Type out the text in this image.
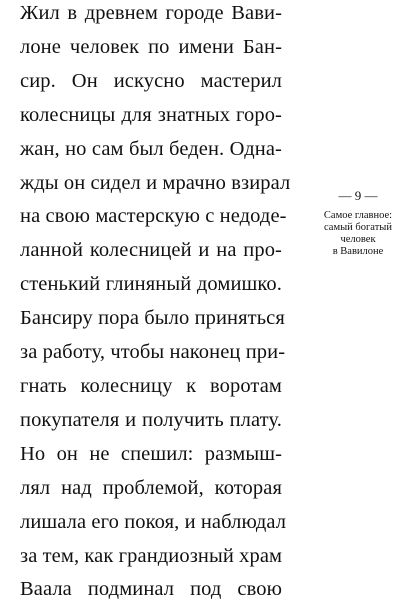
Жил в древнем городе Вави-
лоне человек по имени Бан-
сир. Он искусно мастерил
колесницы для знатных горо-
жан, но сам был беден. Одна-
жды он сидел и мрачно взирал
на свою мастерскую с недоде-
ланной колесницей и на про-
стенький глиняный домишко.
Бансиру пора было приняться
за работу, чтобы наконец при-
гнать колесницу к воротам
покупателя и получить плату.
Но он не спешил: размыш-
лял над проблемой, которая
лишала его покоя, и наблюдал
за тем, как грандиозный храм
Ваала подминал под свою
— 9 —
Самое главное:
самый богатый
человек
в Вавилоне
